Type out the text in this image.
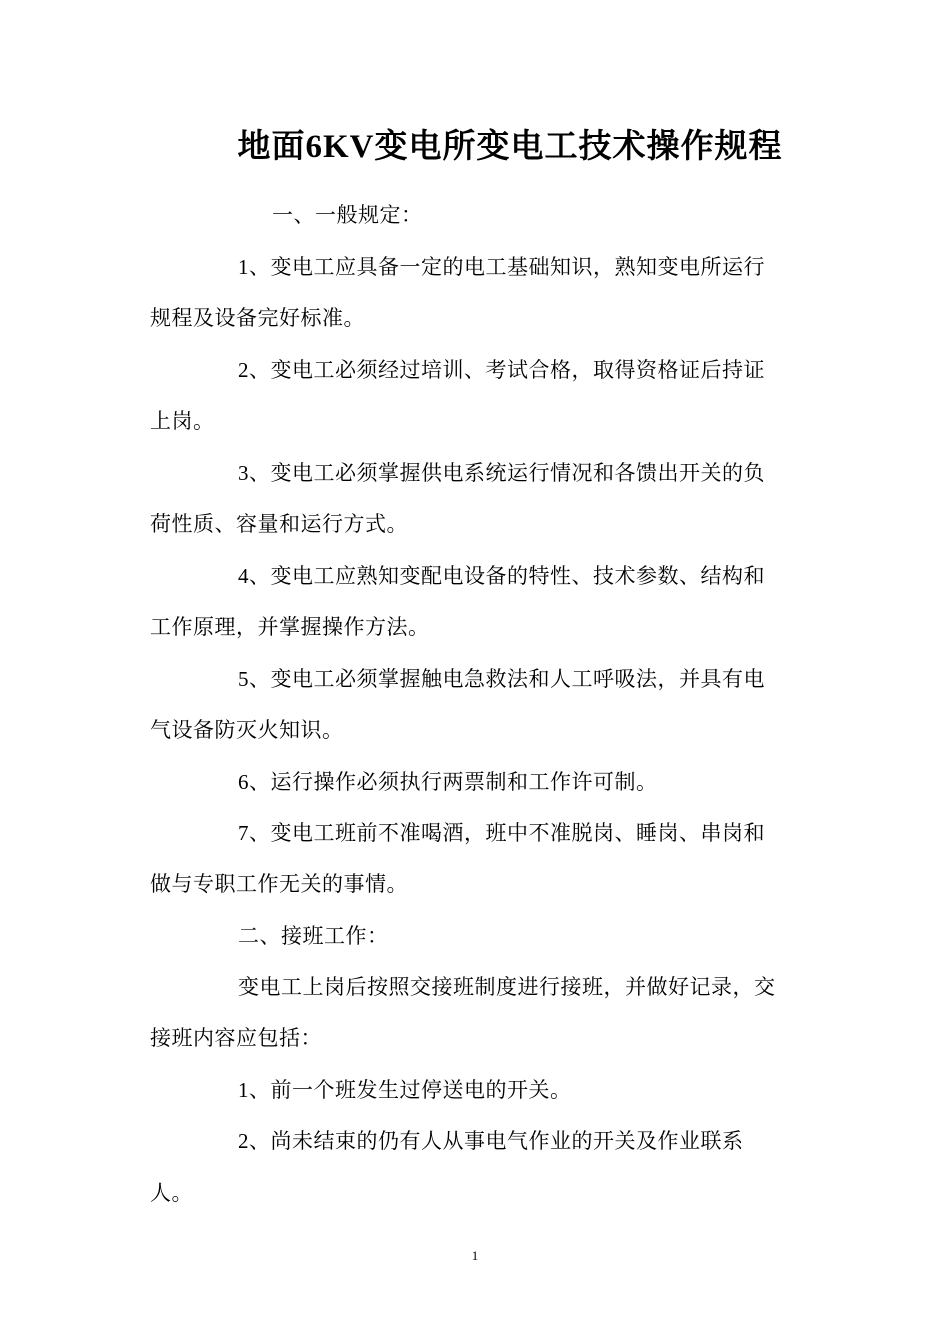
地面6KV变电所变电工技术操作规程
一、一般规定：
1、变电工应具备一定的电工基础知识，熟知变电所运行
规程及设备完好标准。
2、变电工必须经过培训、考试合格，取得资格证后持证
上岗。
3、变电工必须掌握供电系统运行情况和各馈出开关的负
荷性质、容量和运行方式。
4、变电工应熟知变配电设备的特性、技术参数、结构和
工作原理，并掌握操作方法。
5、变电工必须掌握触电急救法和人工呼吸法，并具有电
气设备防灭火知识。
6、运行操作必须执行两票制和工作许可制。
7、变电工班前不准喝酒，班中不准脱岗、睡岗、串岗和
做与专职工作无关的事情。
二、接班工作：
变电工上岗后按照交接班制度进行接班，并做好记录，交
接班内容应包括：
1、前一个班发生过停送电的开关。
2、尚未结束的仍有人从事电气作业的开关及作业联系
人。
1
